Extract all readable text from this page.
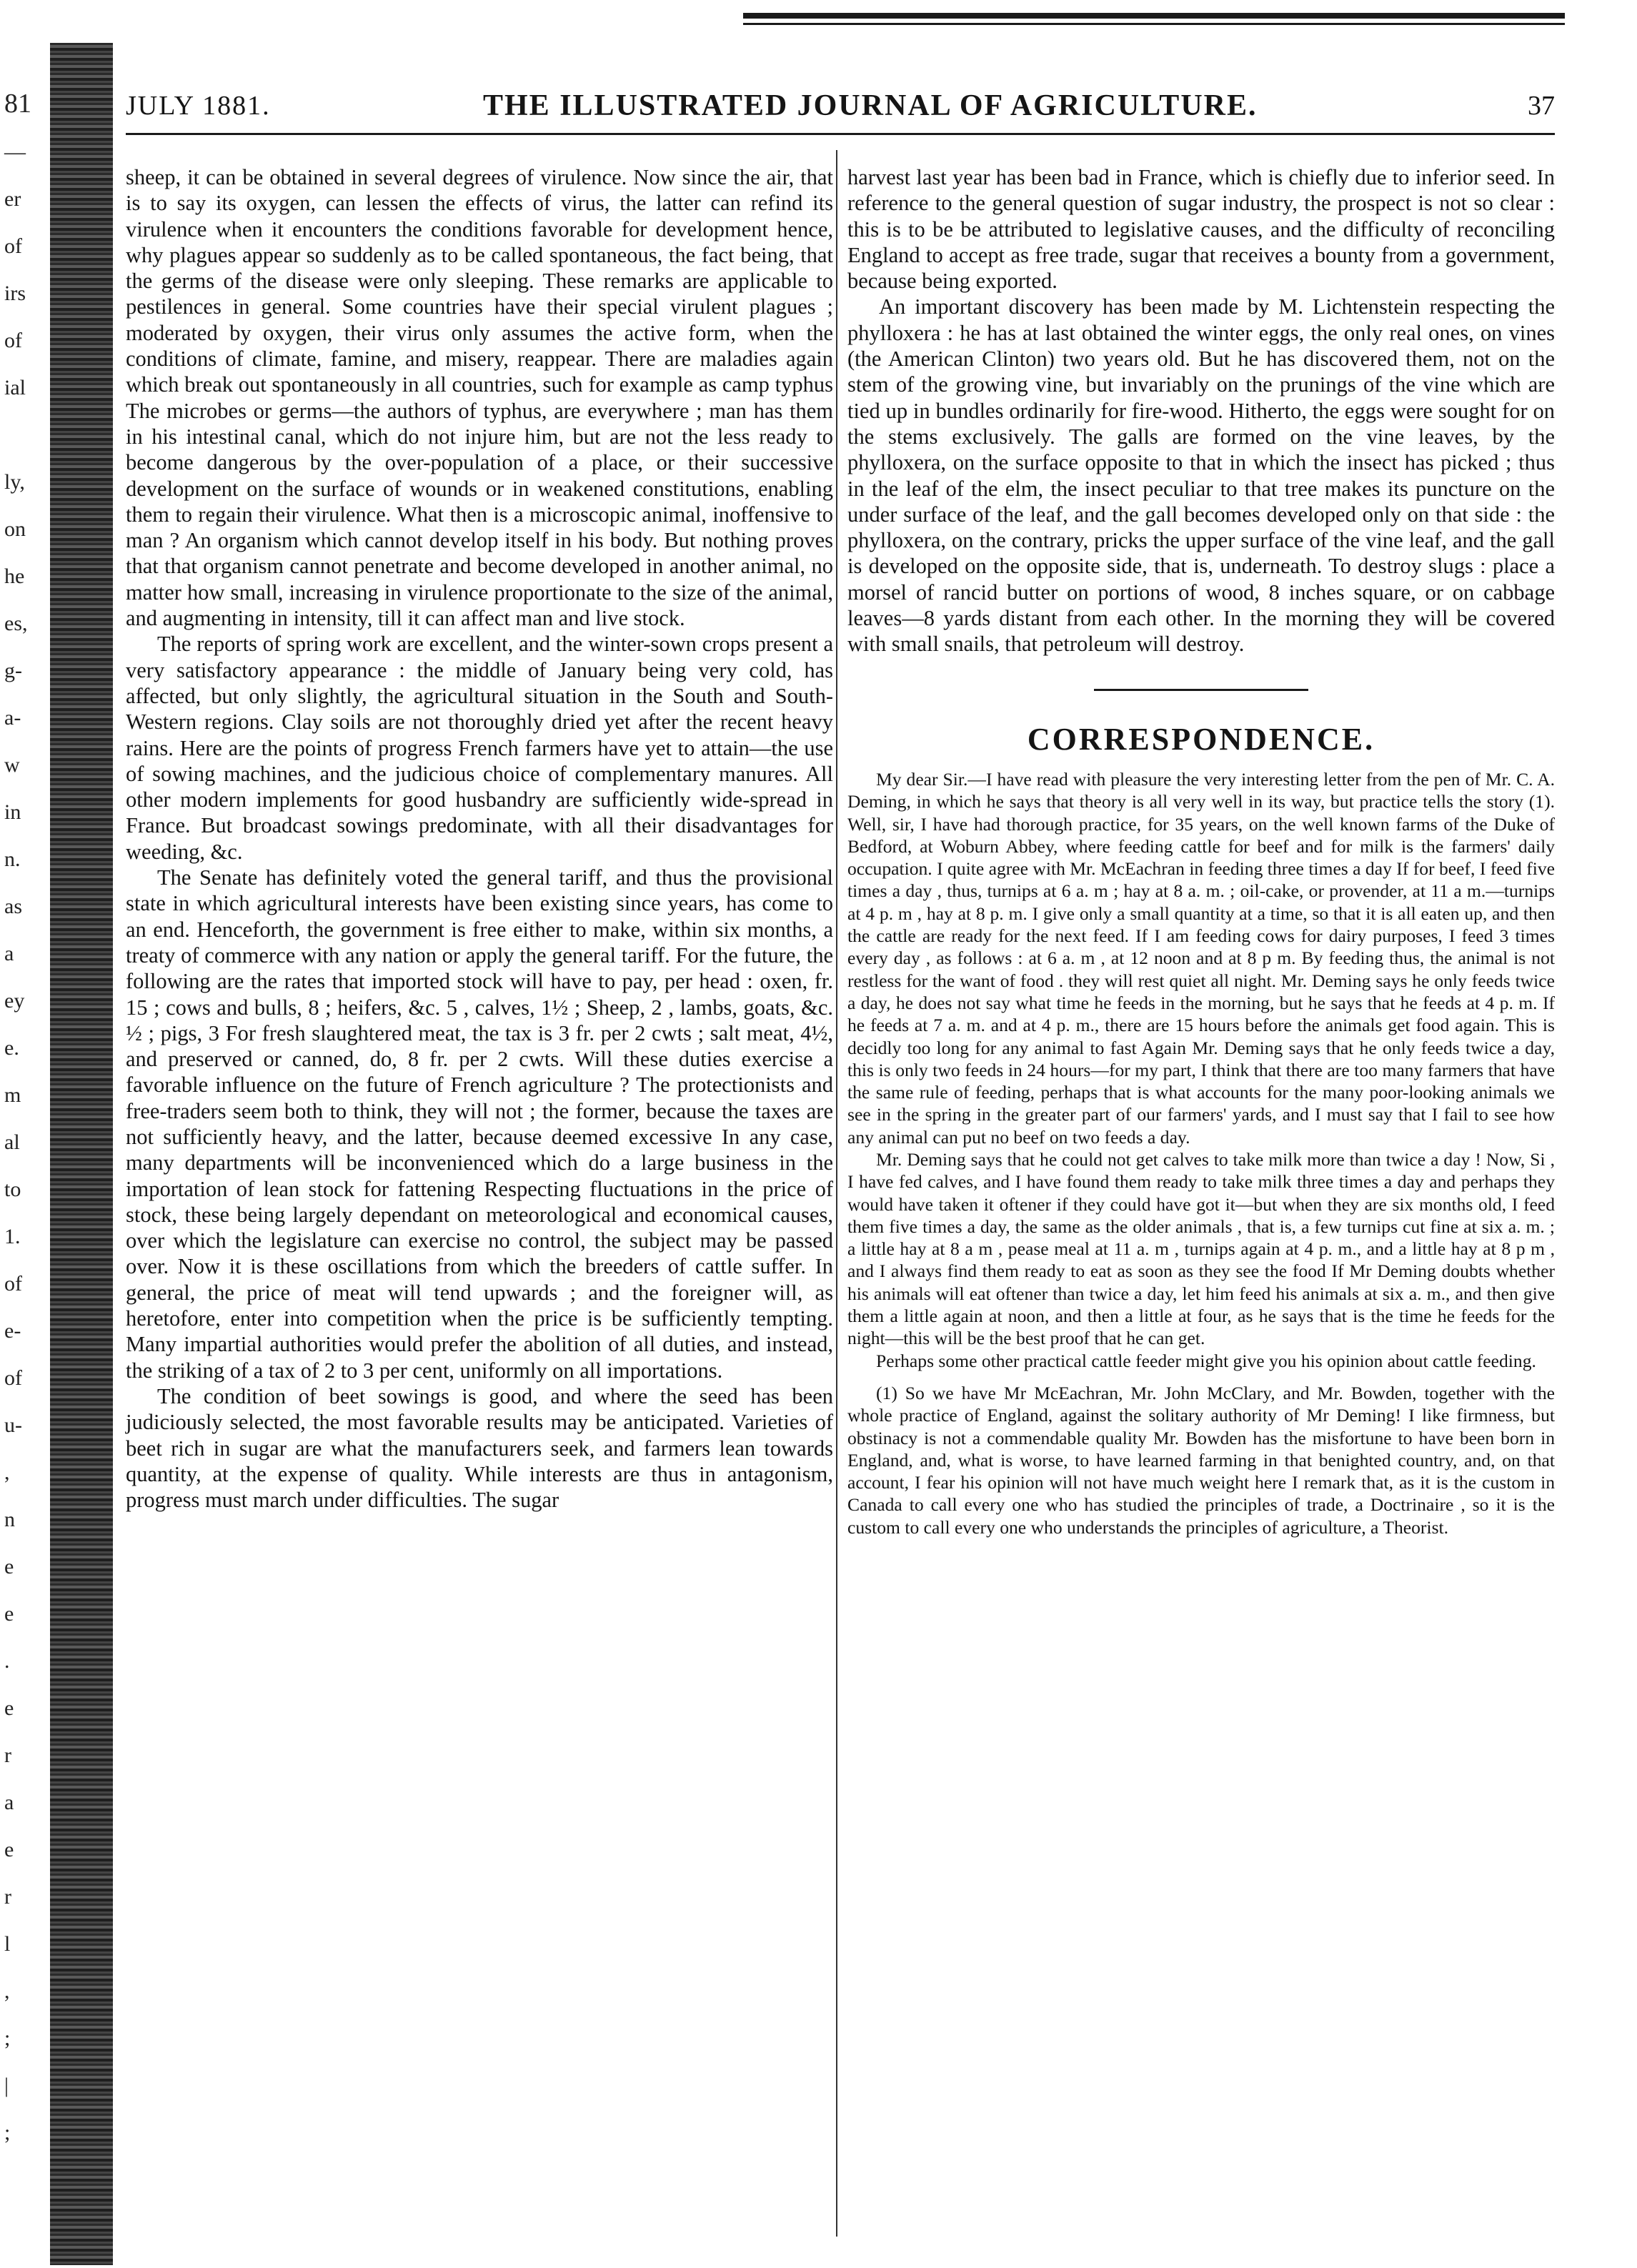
81
—
er
of
irs
of
ial
ly,
on
he
es,
g-
a-
w
in
n.
as
a
ey
e.
m
al
to
1.
of
e-
of
u-
,
n
e
e
.
e
r
a
e
r
l
,
;
|
;
JULY 1881.	THE ILLUSTRATED JOURNAL OF AGRICULTURE.	37

sheep, it can be obtained in several degrees of virulence. Now since the air, that is to say its oxygen, can lessen the effects of virus, the latter can refind its virulence when it encounters the conditions favorable for development hence, why plagues appear so suddenly as to be called spontaneous, the fact being, that the germs of the disease were only sleeping. These remarks are applicable to pestilences in general. Some countries have their special virulent plagues ; moderated by oxygen, their virus only assumes the active form, when the conditions of climate, famine, and misery, reappear. There are maladies again which break out spontaneously in all countries, such for example as camp typhus The microbes or germs—the authors of typhus, are everywhere ; man has them in his intestinal canal, which do not injure him, but are not the less ready to become dangerous by the over-population of a place, or their successive development on the surface of wounds or in weakened constitutions, enabling them to regain their virulence. What then is a microscopic animal, inoffensive to man ? An organism which cannot develop itself in his body. But nothing proves that that organism cannot penetrate and become developed in another animal, no matter how small, increasing in virulence proportionate to the size of the animal, and augmenting in intensity, till it can affect man and live stock.

The reports of spring work are excellent, and the winter-sown crops present a very satisfactory appearance : the middle of January being very cold, has affected, but only slightly, the agricultural situation in the South and South-Western regions. Clay soils are not thoroughly dried yet after the recent heavy rains. Here are the points of progress French farmers have yet to attain—the use of sowing machines, and the judicious choice of complementary manures. All other modern implements for good husbandry are sufficiently wide-spread in France. But broadcast sowings predominate, with all their disadvantages for weeding, &c.

The Senate has definitely voted the general tariff, and thus the provisional state in which agricultural interests have been existing since years, has come to an end. Henceforth, the government is free either to make, within six months, a treaty of commerce with any nation or apply the general tariff. For the future, the following are the rates that imported stock will have to pay, per head : oxen, fr. 15 ; cows and bulls, 8 ; heifers, &c. 5 , calves, 1½ ; Sheep, 2 , lambs, goats, &c. ½ ; pigs, 3 For fresh slaughtered meat, the tax is 3 fr. per 2 cwts ; salt meat, 4½, and preserved or canned, do, 8 fr. per 2 cwts. Will these duties exercise a favorable influence on the future of French agriculture ? The protectionists and free-traders seem both to think, they will not ; the former, because the taxes are not sufficiently heavy, and the latter, because deemed excessive In any case, many departments will be inconvenienced which do a large business in the importation of lean stock for fattening Respecting fluctuations in the price of stock, these being largely dependant on meteorological and economical causes, over which the legislature can exercise no control, the subject may be passed over. Now it is these oscillations from which the breeders of cattle suffer. In general, the price of meat will tend upwards ; and the foreigner will, as heretofore, enter into competition when the price is be sufficiently tempting. Many impartial authorities would prefer the abolition of all duties, and instead, the striking of a tax of 2 to 3 per cent, uniformly on all importations.

The condition of beet sowings is good, and where the seed has been judiciously selected, the most favorable results may be anticipated. Varieties of beet rich in sugar are what the manufacturers seek, and farmers lean towards quantity, at the expense of quality. While interests are thus in antagonism, progress must march under difficulties. The sugar

harvest last year has been bad in France, which is chiefly due to inferior seed. In reference to the general question of sugar industry, the prospect is not so clear : this is to be be attributed to legislative causes, and the difficulty of reconciling England to accept as free trade, sugar that receives a bounty from a government, because being exported.

An important discovery has been made by M. Lichtenstein respecting the phylloxera : he has at last obtained the winter eggs, the only real ones, on vines (the American Clinton) two years old. But he has discovered them, not on the stem of the growing vine, but invariably on the prunings of the vine which are tied up in bundles ordinarily for fire-wood. Hitherto, the eggs were sought for on the stems exclusively. The galls are formed on the vine leaves, by the phylloxera, on the surface opposite to that in which the insect has picked ; thus in the leaf of the elm, the insect peculiar to that tree makes its puncture on the under surface of the leaf, and the gall becomes developed only on that side : the phylloxera, on the contrary, pricks the upper surface of the vine leaf, and the gall is developed on the opposite side, that is, underneath. To destroy slugs : place a morsel of rancid butter on portions of wood, 8 inches square, or on cabbage leaves—8 yards distant from each other. In the morning they will be covered with small snails, that petroleum will destroy.

CORRESPONDENCE.

My dear Sir.—I have read with pleasure the very interesting letter from the pen of Mr. C. A. Deming, in which he says that theory is all very well in its way, but practice tells the story (1). Well, sir, I have had thorough practice, for 35 years, on the well known farms of the Duke of Bedford, at Woburn Abbey, where feeding cattle for beef and for milk is the farmers' daily occupation. I quite agree with Mr. McEachran in feeding three times a day If for beef, I feed five times a day , thus, turnips at 6 a. m ; hay at 8 a. m. ; oil-cake, or provender, at 11 a m.—turnips at 4 p. m , hay at 8 p. m. I give only a small quantity at a time, so that it is all eaten up, and then the cattle are ready for the next feed. If I am feeding cows for dairy purposes, I feed 3 times every day , as follows : at 6 a. m , at 12 noon and at 8 p m. By feeding thus, the animal is not restless for the want of food . they will rest quiet all night. Mr. Deming says he only feeds twice a day, he does not say what time he feeds in the morning, but he says that he feeds at 4 p. m. If he feeds at 7 a. m. and at 4 p. m., there are 15 hours before the animals get food again. This is decidly too long for any animal to fast Again Mr. Deming says that he only feeds twice a day, this is only two feeds in 24 hours—for my part, I think that there are too many farmers that have the same rule of feeding, perhaps that is what accounts for the many poor-looking animals we see in the spring in the greater part of our farmers' yards, and I must say that I fail to see how any animal can put no beef on two feeds a day.

Mr. Deming says that he could not get calves to take milk more than twice a day ! Now, Si , I have fed calves, and I have found them ready to take milk three times a day and perhaps they would have taken it oftener if they could have got it—but when they are six months old, I feed them five times a day, the same as the older animals , that is, a few turnips cut fine at six a. m. ; a little hay at 8 a m , pease meal at 11 a. m , turnips again at 4 p. m., and a little hay at 8 p m , and I always find them ready to eat as soon as they see the food If Mr Deming doubts whether his animals will eat oftener than twice a day, let him feed his animals at six a. m., and then give them a little again at noon, and then a little at four, as he says that is the time he feeds for the night—this will be the best proof that he can get.

Perhaps some other practical cattle feeder might give you his opinion about cattle feeding.

(1) So we have Mr McEachran, Mr. John McClary, and Mr. Bowden, together with the whole practice of England, against the solitary authority of Mr Deming! I like firmness, but obstinacy is not a commendable quality Mr. Bowden has the misfortune to have been born in England, and, what is worse, to have learned farming in that benighted country, and, on that account, I fear his opinion will not have much weight here I remark that, as it is the custom in Canada to call every one who has studied the principles of trade, a Doctrinaire , so it is the custom to call every one who understands the principles of agriculture, a Theorist.
